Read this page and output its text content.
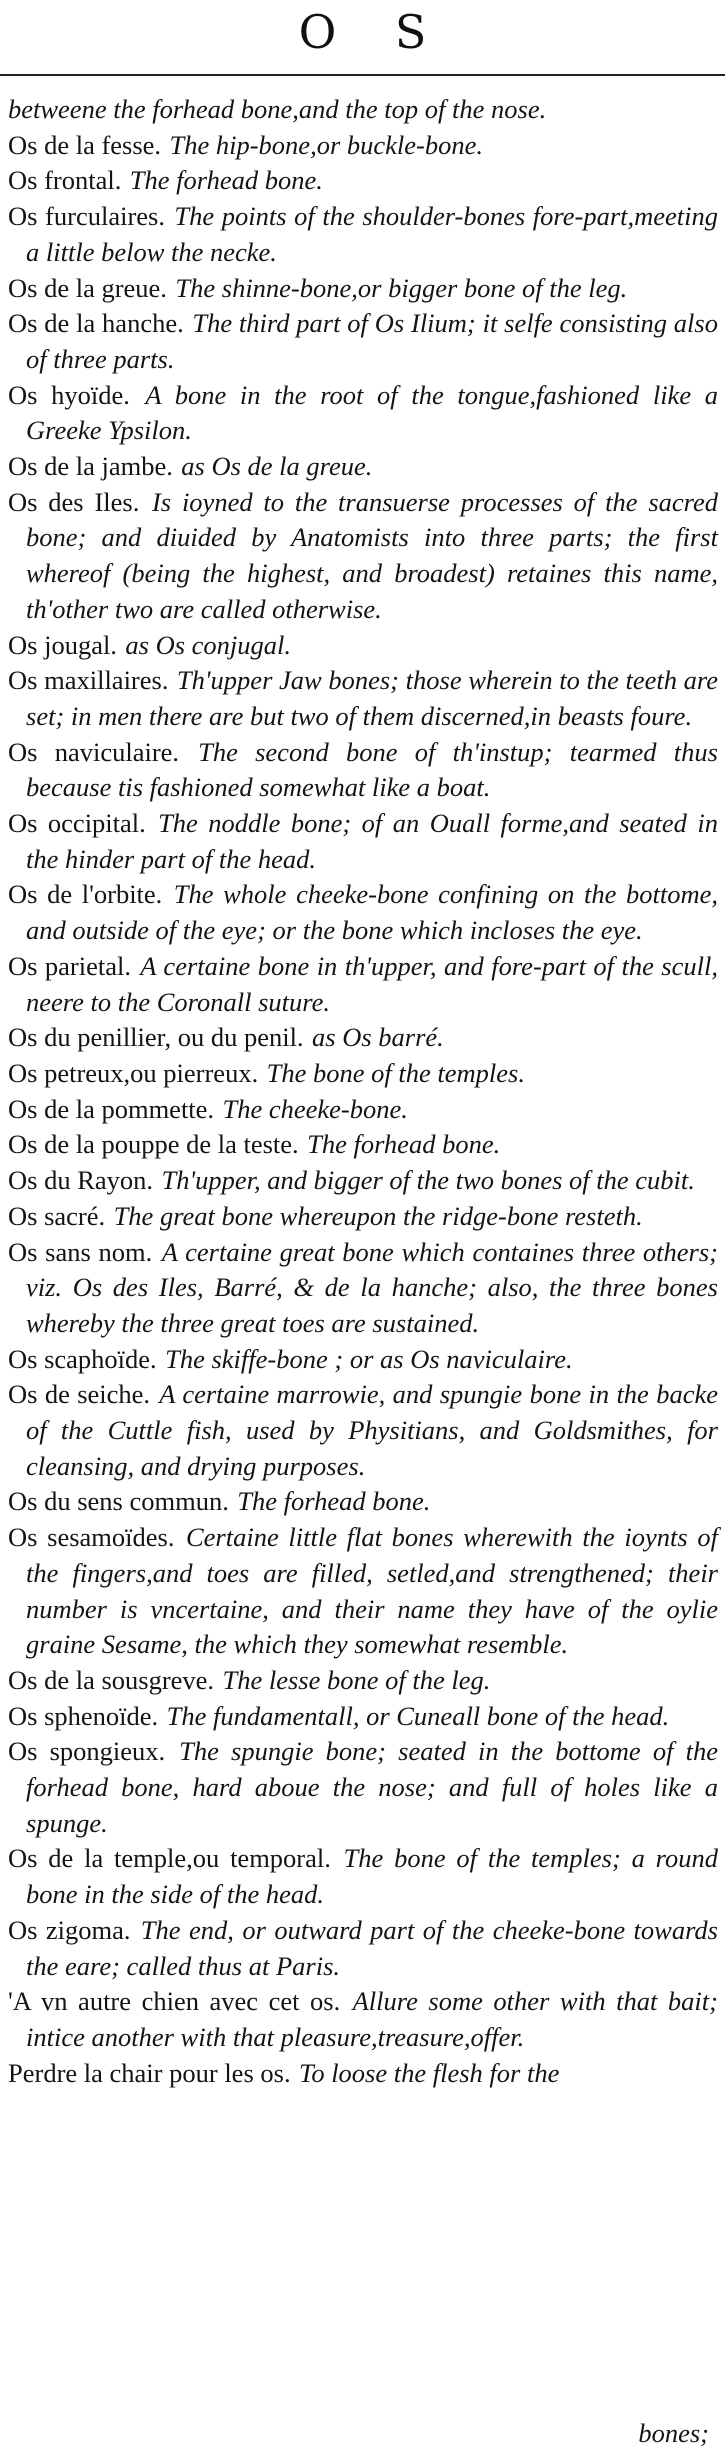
O S

betweene the forhead bone,and the top of the nose.

Os de la fesse. The hip-bone,or buckle-bone.

Os frontal. The forhead bone.

Os furculaires. The points of the shoulder-bones fore-part,meeting a little below the necke.

Os de la greue. The shinne-bone,or bigger bone of the leg.

Os de la hanche. The third part of Os Ilium; it selfe consisting also of three parts.

Os hyoïde. A bone in the root of the tongue,fashioned like a Greeke Ypsilon.

Os de la jambe. as Os de la greue.

Os des Iles. Is ioyned to the transuerse processes of the sacred bone; and diuided by Anatomists into three parts; the first whereof (being the highest, and broadest) retaines this name, th'other two are called otherwise.

Os jougal. as Os conjugal.

Os maxillaires. Th'upper Jaw bones; those wherein to the teeth are set; in men there are but two of them discerned,in beasts foure.

Os naviculaire. The second bone of th'instup; tearmed thus because tis fashioned somewhat like a boat.

Os occipital. The noddle bone; of an Ouall forme,and seated in the hinder part of the head.

Os de l'orbite. The whole cheeke-bone confining on the bottome, and outside of the eye; or the bone which incloses the eye.

Os parietal. A certaine bone in th'upper, and fore-part of the scull, neere to the Coronall suture.

Os du penillier, ou du penil. as Os barré.

Os petreux,ou pierreux. The bone of the temples.

Os de la pommette. The cheeke-bone.

Os de la pouppe de la teste. The forhead bone.

Os du Rayon. Th'upper, and bigger of the two bones of the cubit.

Os sacré. The great bone whereupon the ridge-bone resteth.

Os sans nom. A certaine great bone which containes three others; viz. Os des Iles, Barré, & de la hanche; also, the three bones whereby the three great toes are sustained.

Os scaphoïde. The skiffe-bone ; or as Os naviculaire.

Os de seiche. A certaine marrowie, and spungie bone in the backe of the Cuttle fish, used by Physitians, and Goldsmithes, for cleansing, and drying purposes.

Os du sens commun. The forhead bone.

Os sesamoïdes. Certaine little flat bones wherewith the ioynts of the fingers,and toes are filled, setled,and strengthened; their number is vncertaine, and their name they have of the oylie graine Sesame, the which they somewhat resemble.

Os de la sousgreve. The lesse bone of the leg.

Os sphenoïde. The fundamentall, or Cuneall bone of the head.

Os spongieux. The spungie bone; seated in the bottome of the forhead bone, hard aboue the nose; and full of holes like a spunge.

Os de la temple,ou temporal. The bone of the temples; a round bone in the side of the head.

Os zigoma. The end, or outward part of the cheeke-bone towards the eare; called thus at Paris.

'A vn autre chien avec cet os. Allure some other with that bait; intice another with that pleasure,treasure,offer.

Perdre la chair pour les os. To loose the flesh for the

bones;
